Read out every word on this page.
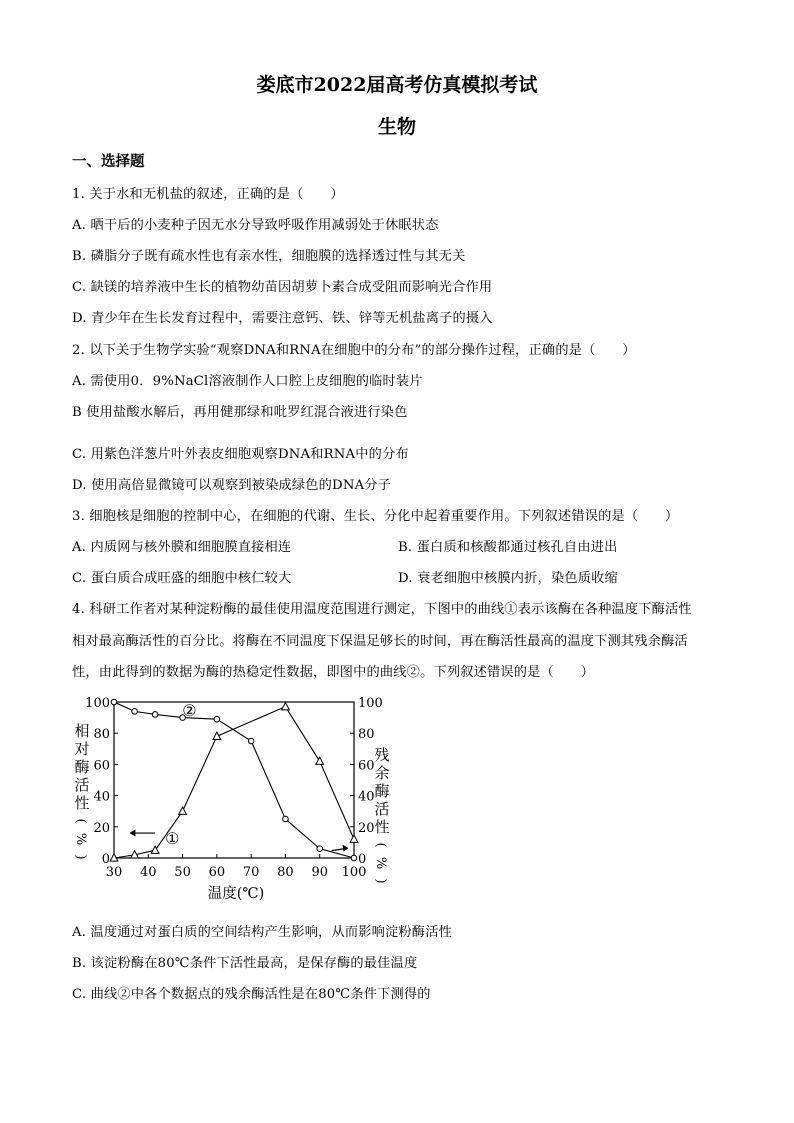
娄底市2022届高考仿真模拟考试
生物
一、选择题
1. 关于水和无机盐的叙述，正确的是（　　）
A. 晒干后的小麦种子因无水分导致呼吸作用减弱处于休眠状态
B. 磷脂分子既有疏水性也有亲水性，细胞膜的选择透过性与其无关
C. 缺镁的培养液中生长的植物幼苗因胡萝卜素合成受阻而影响光合作用
D. 青少年在生长发育过程中，需要注意钙、铁、锌等无机盐离子的摄入
2. 以下关于生物学实验“观察DNA和RNA在细胞中的分布”的部分操作过程，正确的是（　　）
A. 需使用0．9%NaCl溶液制作人口腔上皮细胞的临时装片
B 使用盐酸水解后，再用健那绿和吡罗红混合液进行染色
C. 用紫色洋葱片叶外表皮细胞观察DNA和RNA中的分布
D. 使用高倍显微镜可以观察到被染成绿色的DNA分子
3. 细胞核是细胞的控制中心，在细胞的代谢、生长、分化中起着重要作用。下列叙述错误的是（　　）
A. 内质网与核外膜和细胞膜直接相连	B. 蛋白质和核酸都通过核孔自由进出
C. 蛋白质合成旺盛的细胞中核仁较大	D. 衰老细胞中核膜内折，染色质收缩
4. 科研工作者对某种淀粉酶的最佳使用温度范围进行测定，下图中的曲线①表示该酶在各种温度下酶活性
相对最高酶活性的百分比。将酶在不同温度下保温足够长的时间，再在酶活性最高的温度下测其残余酶活
性，由此得到的数据为酶的热稳定性数据，即图中的曲线②。下列叙述错误的是（　　）
30 40 50 60 70 80 90 100
0	0
20	20
40	40
60	60
80	80
100	100
相
对
酶
活
性
(
%
)
残
余
酶
活
性
(
%
)
温度(℃)
②
①
A. 温度通过对蛋白质的空间结构产生影响，从而影响淀粉酶活性
B. 该淀粉酶在80℃条件下活性最高，是保存酶的最佳温度
C. 曲线②中各个数据点的残余酶活性是在80℃条件下测得的
